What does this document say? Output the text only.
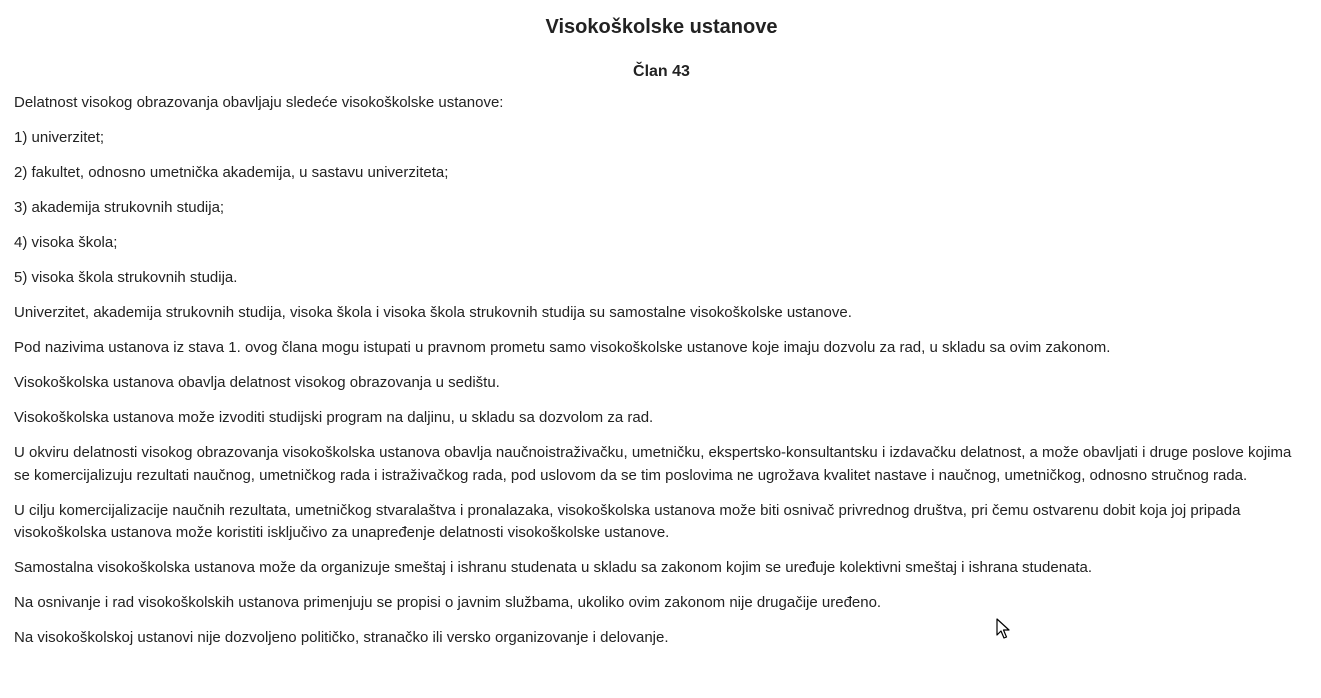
Visokoškolske ustanove
Član 43

Delatnost visokog obrazovanja obavljaju sledeće visokoškolske ustanove:

1) univerzitet;

2) fakultet, odnosno umetnička akademija, u sastavu univerziteta;

3) akademija strukovnih studija;

4) visoka škola;

5) visoka škola strukovnih studija.

Univerzitet, akademija strukovnih studija, visoka škola i visoka škola strukovnih studija su samostalne visokoškolske ustanove.

Pod nazivima ustanova iz stava 1. ovog člana mogu istupati u pravnom prometu samo visokoškolske ustanove koje imaju dozvolu za rad, u skladu sa ovim zakonom.

Visokoškolska ustanova obavlja delatnost visokog obrazovanja u sedištu.

Visokoškolska ustanova može izvoditi studijski program na daljinu, u skladu sa dozvolom za rad.

U okviru delatnosti visokog obrazovanja visokoškolska ustanova obavlja naučnoistraživačku, umetničku, ekspertsko-konsultantsku i izdavačku delatnost, a može obavljati i druge poslove kojima se komercijalizuju rezultati naučnog, umetničkog rada i istraživačkog rada, pod uslovom da se tim poslovima ne ugrožava kvalitet nastave i naučnog, umetničkog, odnosno stručnog rada.

U cilju komercijalizacije naučnih rezultata, umetničkog stvaralaštva i pronalazaka, visokoškolska ustanova može biti osnivač privrednog društva, pri čemu ostvarenu dobit koja joj pripada visokoškolska ustanova može koristiti isključivo za unapređenje delatnosti visokoškolske ustanove.

Samostalna visokoškolska ustanova može da organizuje smeštaj i ishranu studenata u skladu sa zakonom kojim se uređuje kolektivni smeštaj i ishrana studenata.

Na osnivanje i rad visokoškolskih ustanova primenjuju se propisi o javnim službama, ukoliko ovim zakonom nije drugačije uređeno.

Na visokoškolskoj ustanovi nije dozvoljeno političko, stranačko ili versko organizovanje i delovanje.
